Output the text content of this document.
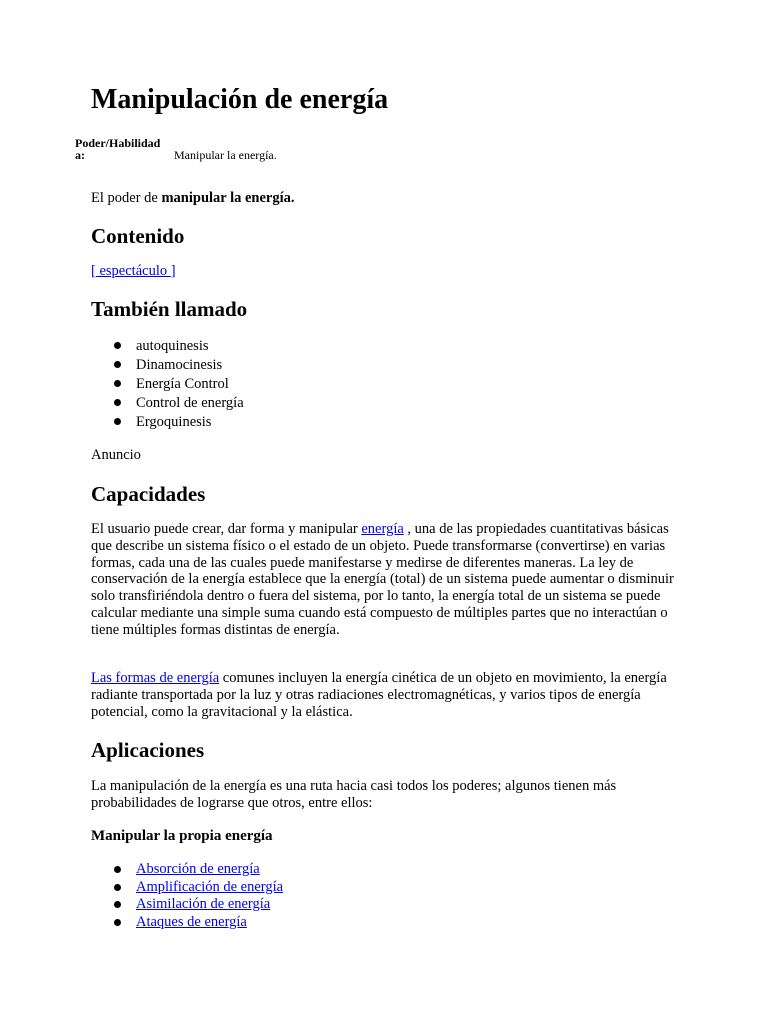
Manipulación de energía
Poder/Habilidad a:	Manipular la energía.

El poder de manipular la energía.

Contenido

[ espectáculo ]

También llamado
autoquinesis
Dinamocinesis
Energía Control
Control de energía
Ergoquinesis

Anuncio

Capacidades

El usuario puede crear, dar forma y manipular energía , una de las propiedades cuantitativas básicas que describe un sistema físico o el estado de un objeto. Puede transformarse (convertirse) en varias formas, cada una de las cuales puede manifestarse y medirse de diferentes maneras. La ley de conservación de la energía establece que la energía (total) de un sistema puede aumentar o disminuir solo transfiriéndola dentro o fuera del sistema, por lo tanto, la energía total de un sistema se puede calcular mediante una simple suma cuando está compuesto de múltiples partes que no interactúan o tiene múltiples formas distintas de energía.

Las formas de energía comunes incluyen la energía cinética de un objeto en movimiento, la energía radiante transportada por la luz y otras radiaciones electromagnéticas, y varios tipos de energía potencial, como la gravitacional y la elástica.

Aplicaciones

La manipulación de la energía es una ruta hacia casi todos los poderes; algunos tienen más probabilidades de lograrse que otros, entre ellos:

Manipular la propia energía
Absorción de energía
Amplificación de energía
Asimilación de energía
Ataques de energía
